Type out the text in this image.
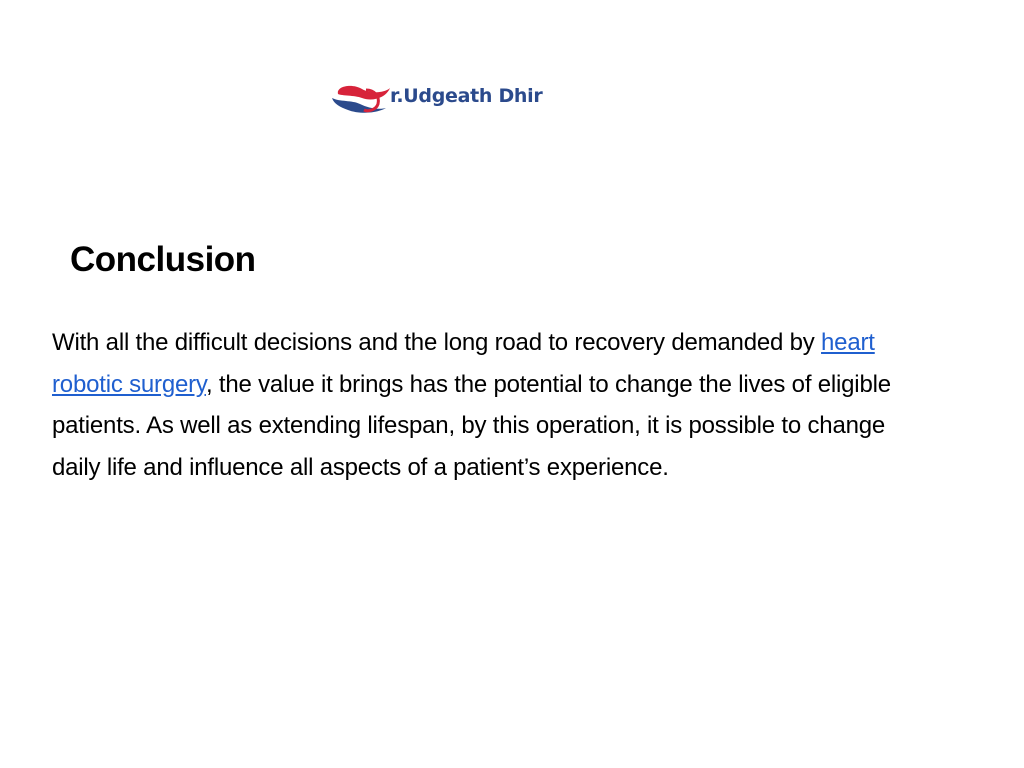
r.Udgeath Dhir
Conclusion

With all the difficult decisions and the long road to recovery demanded by heart robotic surgery, the value it brings has the potential to change the lives of eligible patients. As well as extending lifespan, by this operation, it is possible to change daily life and influence all aspects of a patient’s experience.
